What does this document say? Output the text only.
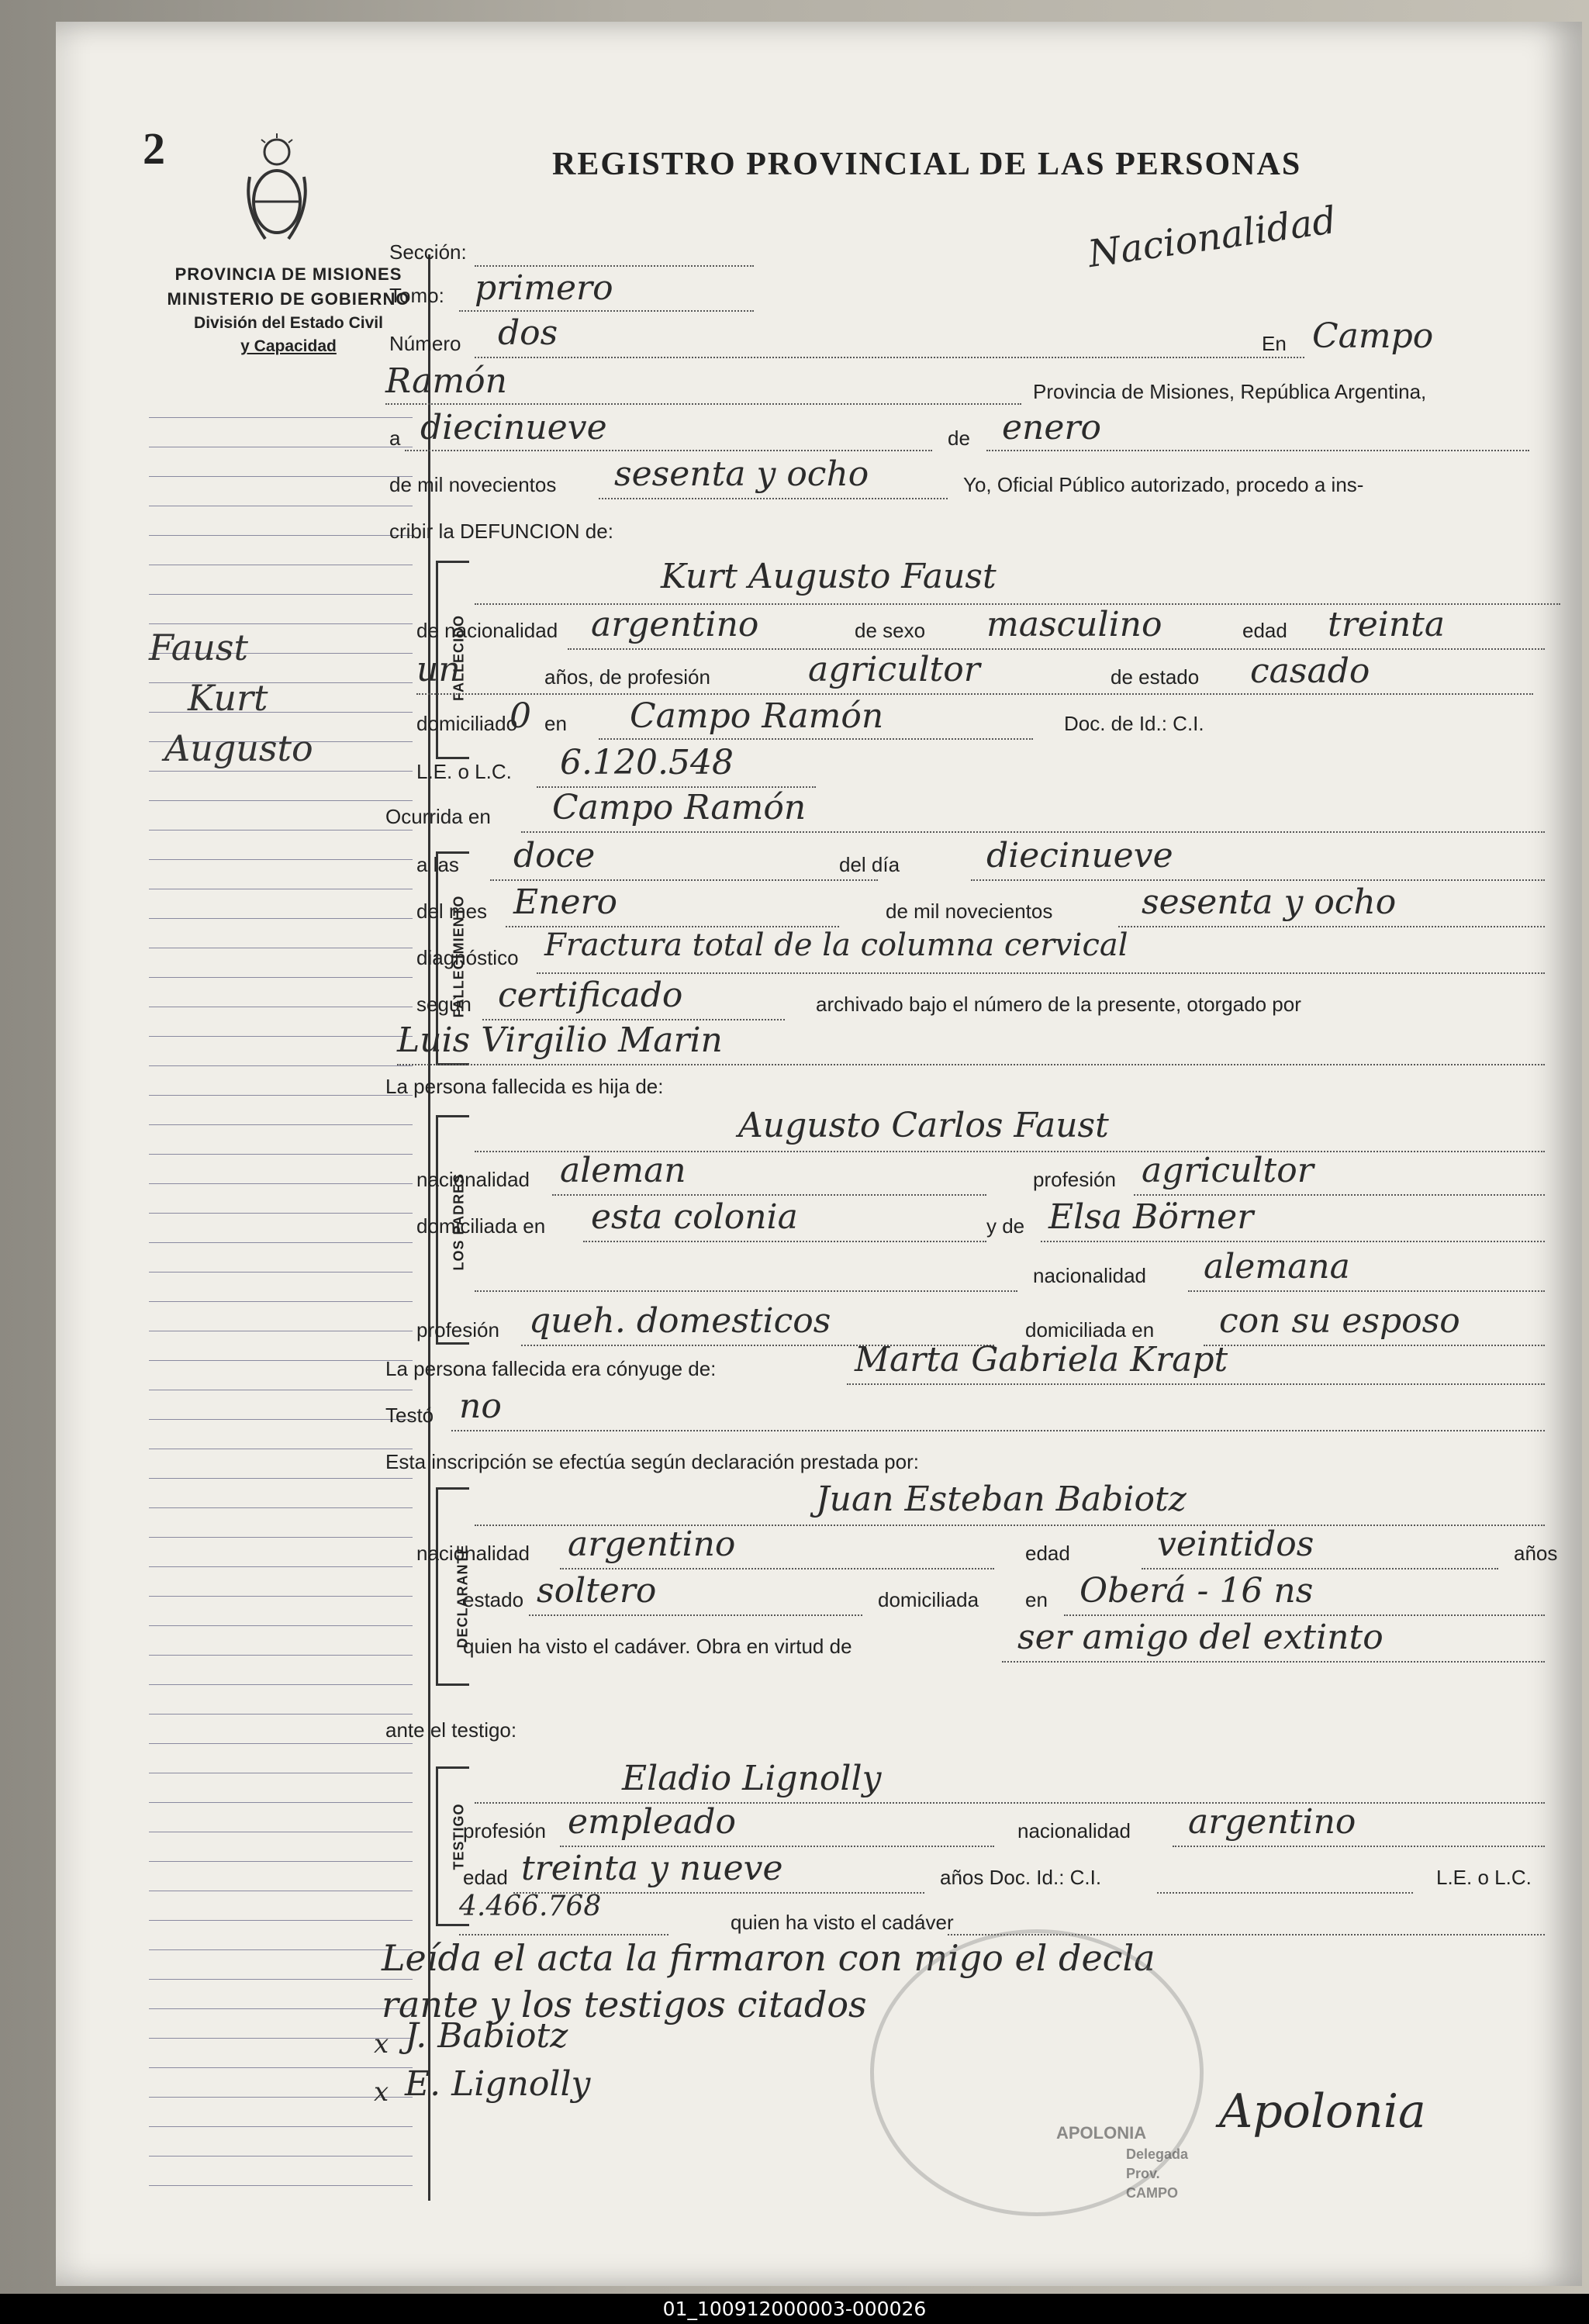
2	REGISTRO PROVINCIAL DE LAS PERSONAS
Nacionalidad
PROVINCIA DE MISIONES
MINISTERIO DE GOBIERNO
División del Estado Civil
y Capacidad
Faust
Kurt
Augusto
Sección:
Tomo: primero
Número dos	En Campo
Ramón	Provincia de Misiones, República Argentina,
a diecinueve	de enero
de mil novecientos sesenta y ocho	Yo, Oficial Público autorizado, procedo a ins-
cribir la DEFUNCION de:
FALLECIDO
Kurt Augusto Faust
de nacionalidad argentino	de sexo masculino	edad treinta
un	años, de profesión	agricultor	de estado casado
domiciliado
0 en Campo Ramón	Doc. de Id.: C.I.
L.E. o L.C. 6.120.548
Ocurrida en Campo Ramón
FALLECIMIENTO
a las doce	del día	diecinueve
del mes Enero	de mil novecientos	sesenta y ocho
diagnóstico Fractura total de la columna cervical
según certificado	archivado bajo el número de la presente, otorgado por
Luis Virgilio Marin
La persona fallecida es hija de:
LOS PADRES
Augusto Carlos Faust
nacionalidad aleman	profesión agricultor
domiciliada en esta colonia	y de Elsa Börner
nacionalidad alemana
profesión queh. domesticos	domiciliada en con su esposo
La persona fallecida era cónyuge de:	Marta Gabriela Krapt
Testó no
Esta inscripción se efectúa según declaración prestada por:
DECLARANTE
Juan Esteban Babiotz
nacionalidad argentino	edad	veintidos	años
estado soltero	domiciliada en Oberá - 16 ns
quien ha visto el cadáver. Obra en virtud de	ser amigo del extinto
ante el testigo:
TESTIGO
Eladio Lignolly
profesión empleado	nacionalidad argentino
edad treinta y nueve	años Doc. Id.: C.I.	L.E. o L.C.
4.466.768	quien ha visto el cadáver
Leída el acta la firmaron con migo el decla
rante y los testigos citados
x J. Babiotz
x E. Lignolly
APOLONIA
Delegada
Prov.
CAMPO
Apolonia
01_100912000003-000026
